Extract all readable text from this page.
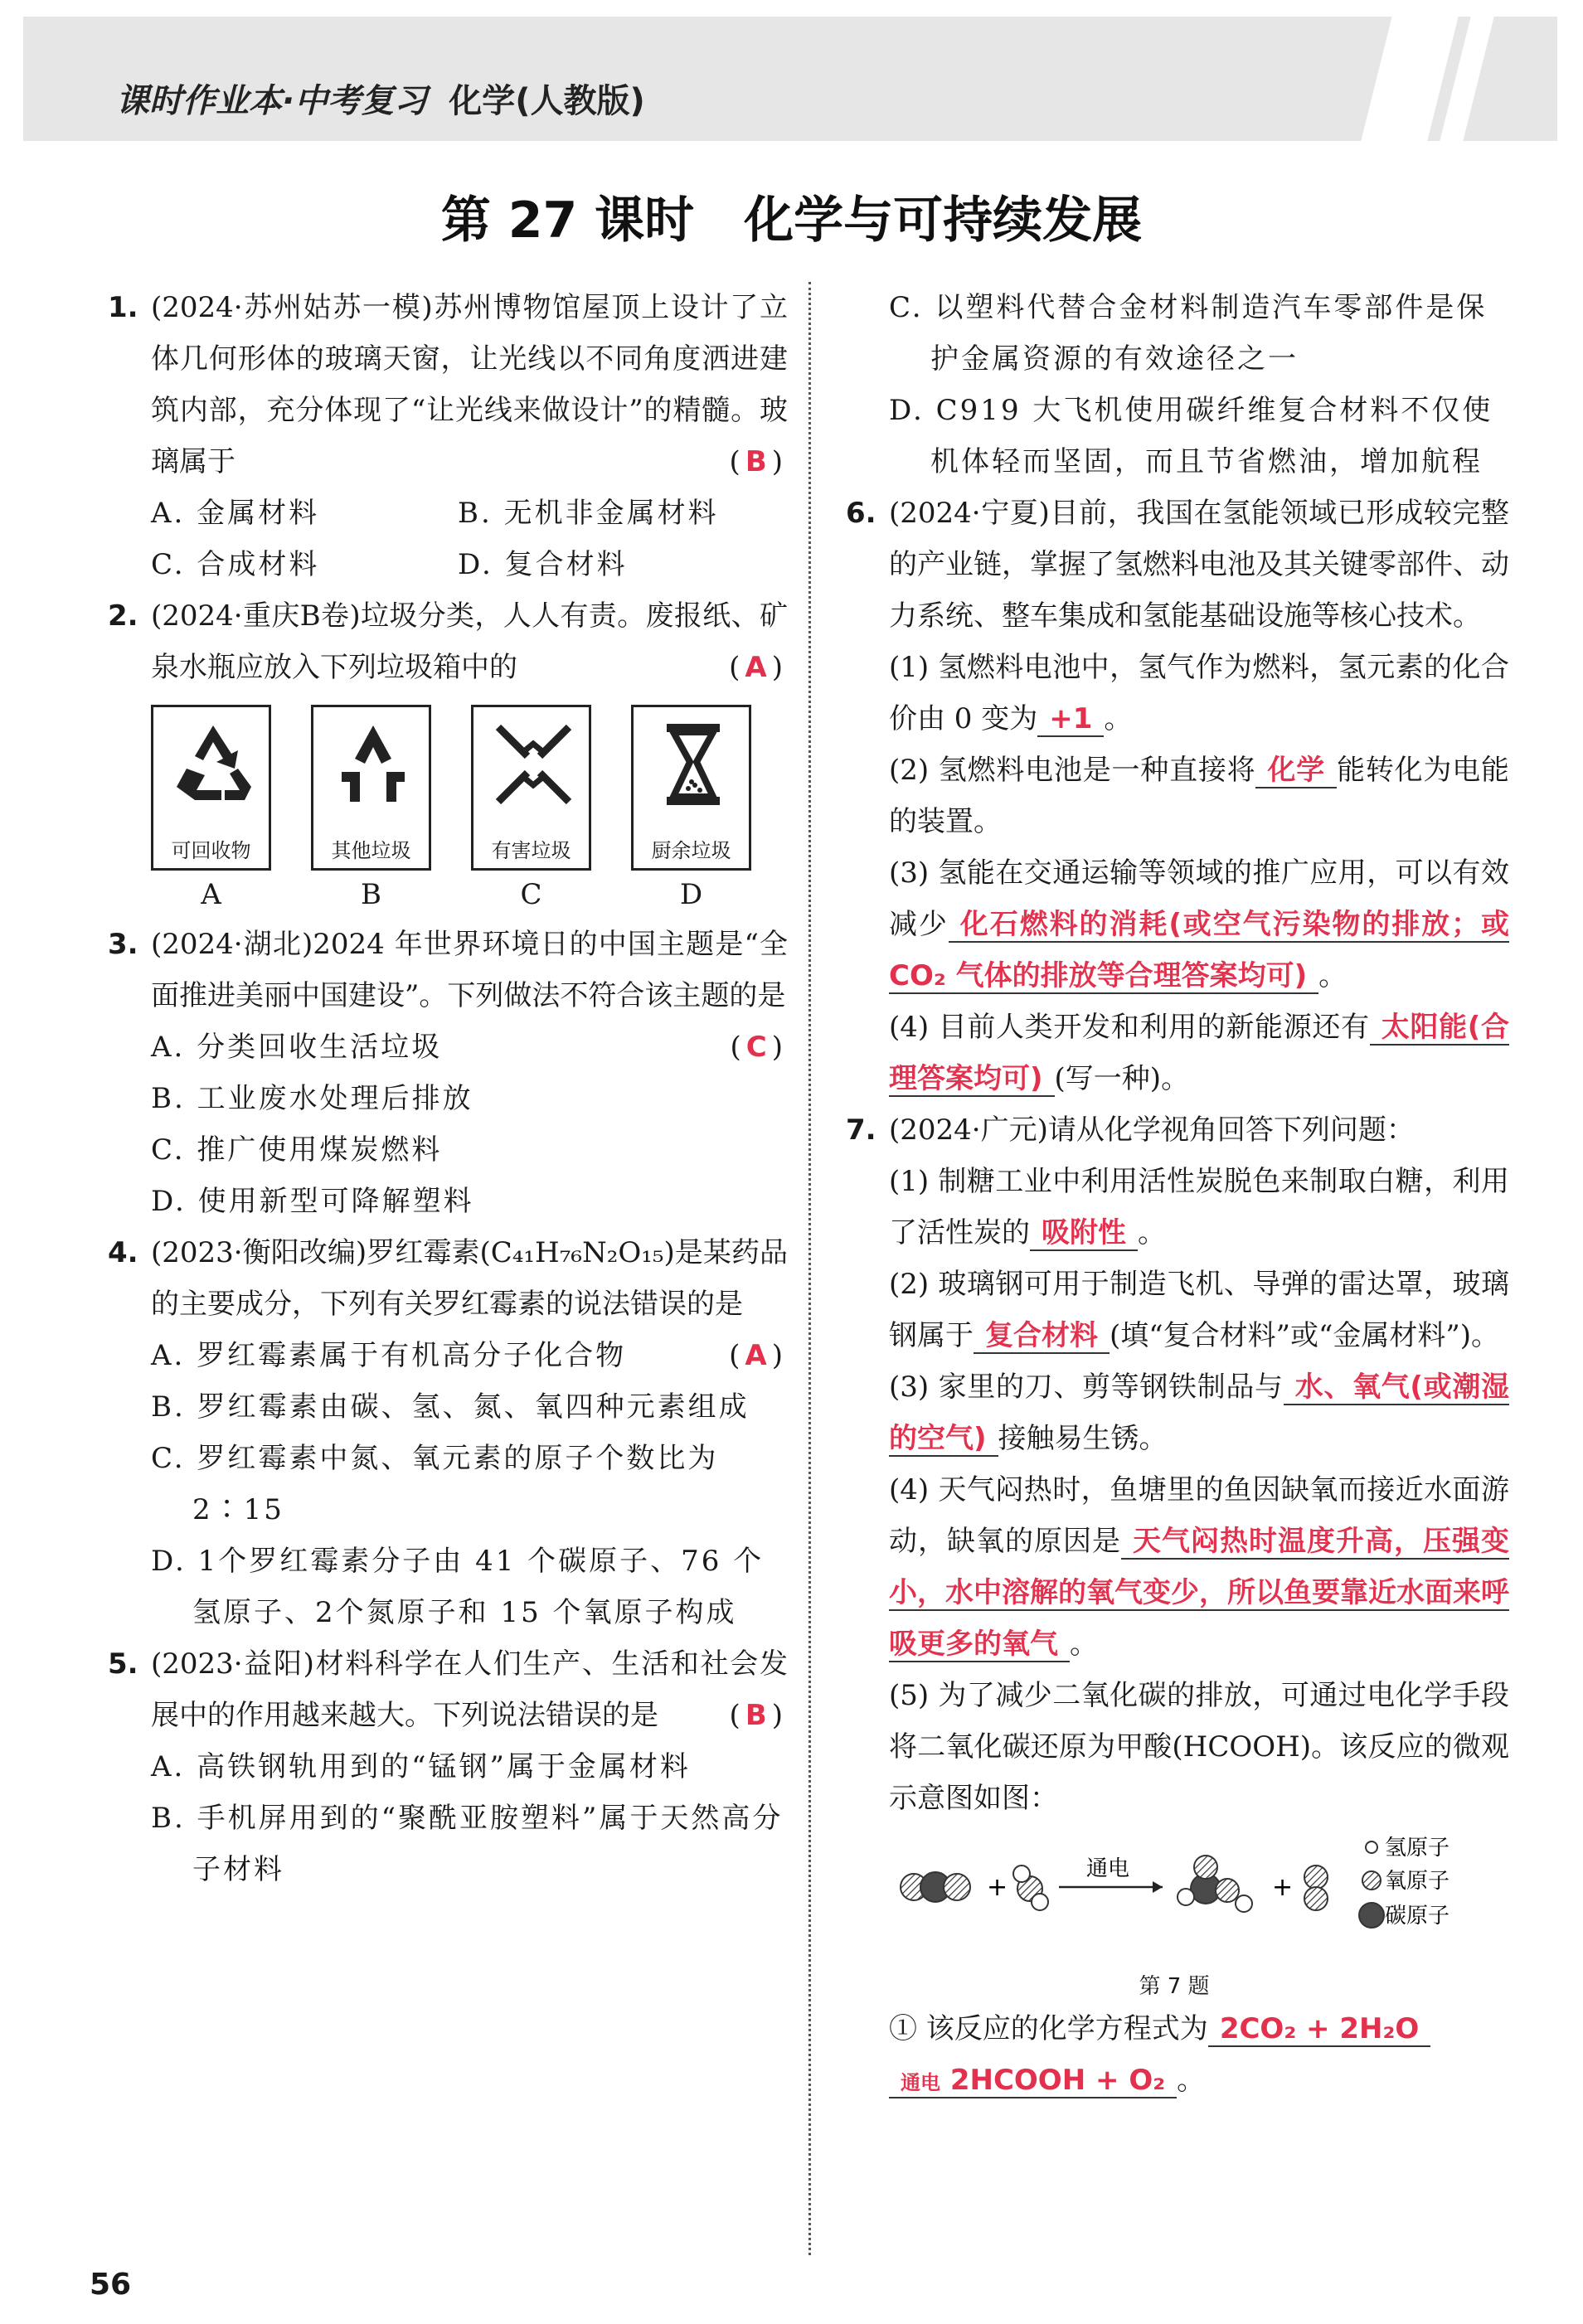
课时作业本·中考复习 化学(人教版)
第 27 课时　化学与可持续发展
1. (2024·苏州姑苏一模)苏州博物馆屋顶上设计了立体几何形体的玻璃天窗，让光线以不同角度洒进建筑内部，充分体现了“让光线来做设计”的精髓。玻璃属于	(B)
A. 金属材料	B. 无机非金属材料
C. 合成材料	D. 复合材料
2. (2024·重庆B卷)垃圾分类，人人有责。废报纸、矿泉水瓶应放入下列垃圾箱中的	(A)
可回收物
A
其他垃圾
B
有害垃圾
C
厨余垃圾
D
3. (2024·湖北)2024 年世界环境日的中国主题是“全面推进美丽中国建设”。下列做法不符合该主题的是
(C)
A. 分类回收生活垃圾
B. 工业废水处理后排放
C. 推广使用煤炭燃料
D. 使用新型可降解塑料
4. (2023·衡阳改编)罗红霉素(C₄₁H₇₆N₂O₁₅)是某药品的主要成分，下列有关罗红霉素的说法错误的是
(A)
A. 罗红霉素属于有机高分子化合物
B. 罗红霉素由碳、氢、氮、氧四种元素组成
C. 罗红霉素中氮、氧元素的原子个数比为 2∶15
D. 1个罗红霉素分子由 41 个碳原子、76 个氢原子、2个氮原子和 15 个氧原子构成
5. (2023·益阳)材料科学在人们生产、生活和社会发展中的作用越来越大。下列说法错误的是	(B)
A. 高铁钢轨用到的“锰钢”属于金属材料
B. 手机屏用到的“聚酰亚胺塑料”属于天然高分子材料
C. 以塑料代替合金材料制造汽车零部件是保护金属资源的有效途径之一
D. C919 大飞机使用碳纤维复合材料不仅使机体轻而坚固，而且节省燃油，增加航程
6. (2024·宁夏)目前，我国在氢能领域已形成较完整的产业链，掌握了氢燃料电池及其关键零部件、动力系统、整车集成和氢能基础设施等核心技术。
(1) 氢燃料电池中，氢气作为燃料，氢元素的化合价由 0 变为 +1 。
(2) 氢燃料电池是一种直接将 化学 能转化为电能的装置。
(3) 氢能在交通运输等领域的推广应用，可以有效减少 化石燃料的消耗(或空气污染物的排放；或 CO₂ 气体的排放等合理答案均可) 。
(4) 目前人类开发和利用的新能源还有 太阳能(合理答案均可) (写一种)。
7. (2024·广元)请从化学视角回答下列问题：
(1) 制糖工业中利用活性炭脱色来制取白糖，利用了活性炭的 吸附性 。
(2) 玻璃钢可用于制造飞机、导弹的雷达罩，玻璃钢属于 复合材料 (填“复合材料”或“金属材料”)。
(3) 家里的刀、剪等钢铁制品与 水、氧气(或潮湿的空气) 接触易生锈。
(4) 天气闷热时，鱼塘里的鱼因缺氧而接近水面游动，缺氧的原因是 天气闷热时温度升高，压强变小，水中溶解的氧气变少，所以鱼要靠近水面来呼吸更多的氧气 。
(5) 为了减少二氧化碳的排放，可通过电化学手段将二氧化碳还原为甲酸(HCOOH)。该反应的微观示意图如图：
+
通电
+
氢原子
氧原子
碳原子
第 7 题
① 该反应的化学方程式为 2CO₂ + 2H₂O
通电 2HCOOH + O₂ 。
56
